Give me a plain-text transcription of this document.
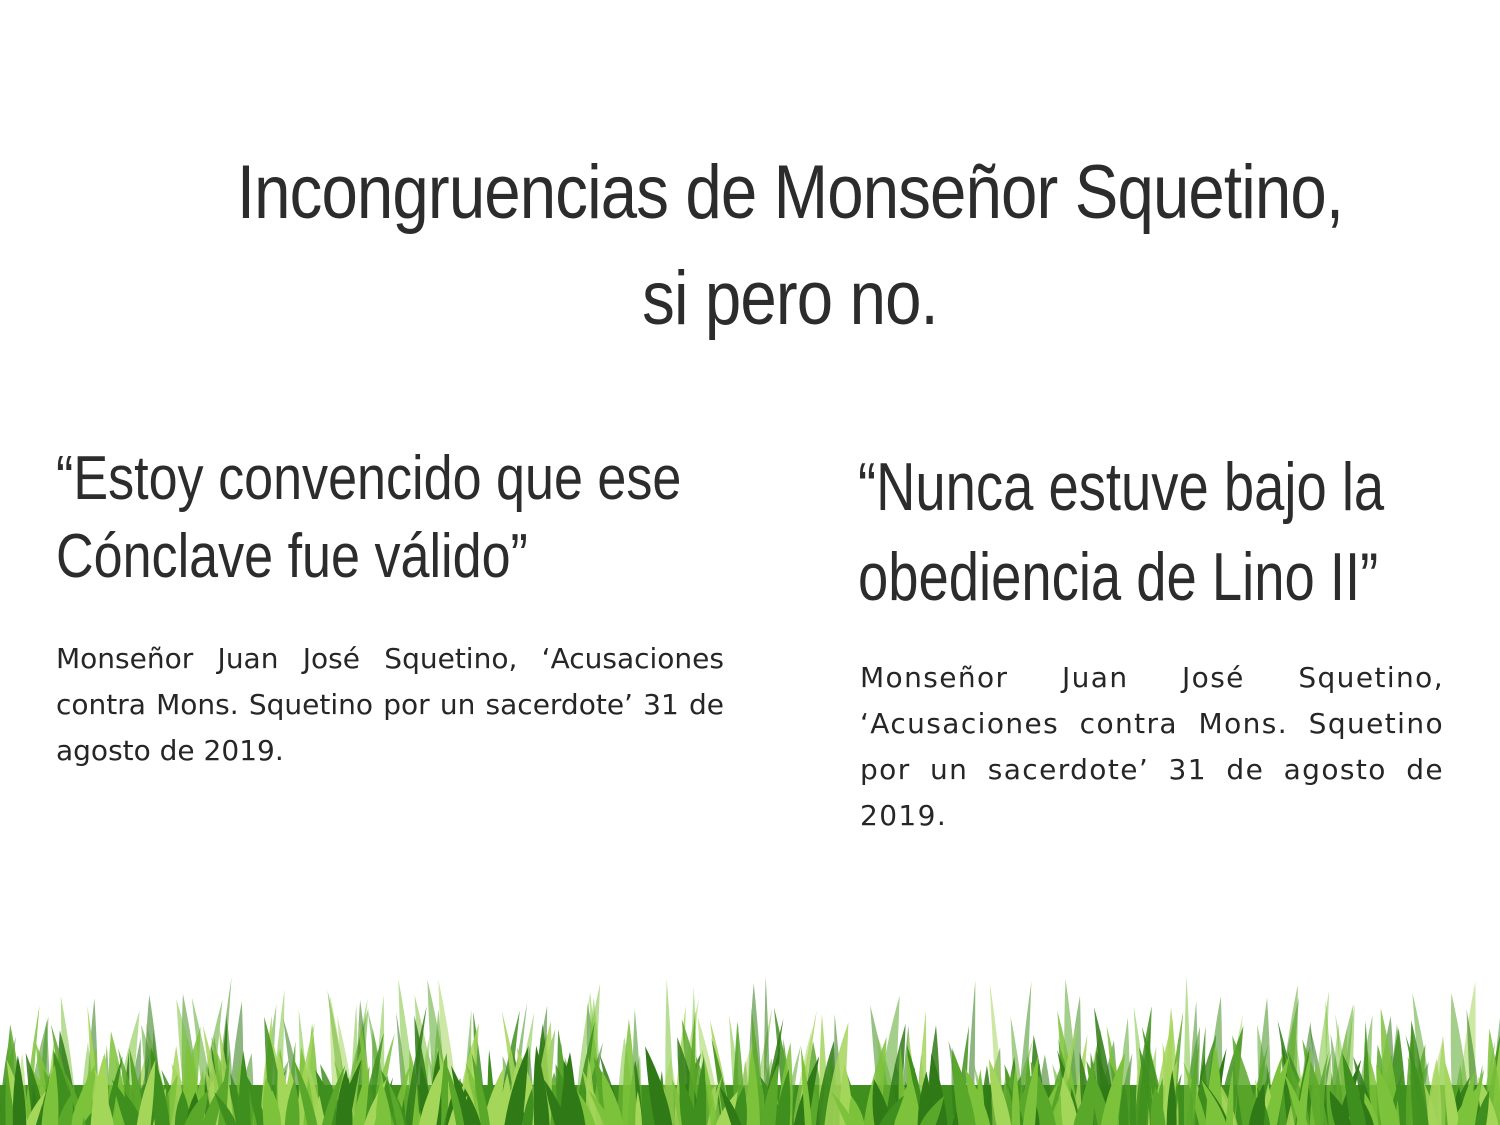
Incongruencias de Monseñor Squetino,
si pero no.
“Estoy convencido que ese
Cónclave fue válido”

Monseñor Juan José Squetino, ‘Acusaciones contra Mons. Squetino por un sacerdote’ 31 de agosto de 2019.

“Nunca estuve bajo la
obediencia de Lino II”

Monseñor Juan José Squetino, ‘Acusaciones contra Mons. Squetino por un sacerdote’ 31 de agosto de 2019.
